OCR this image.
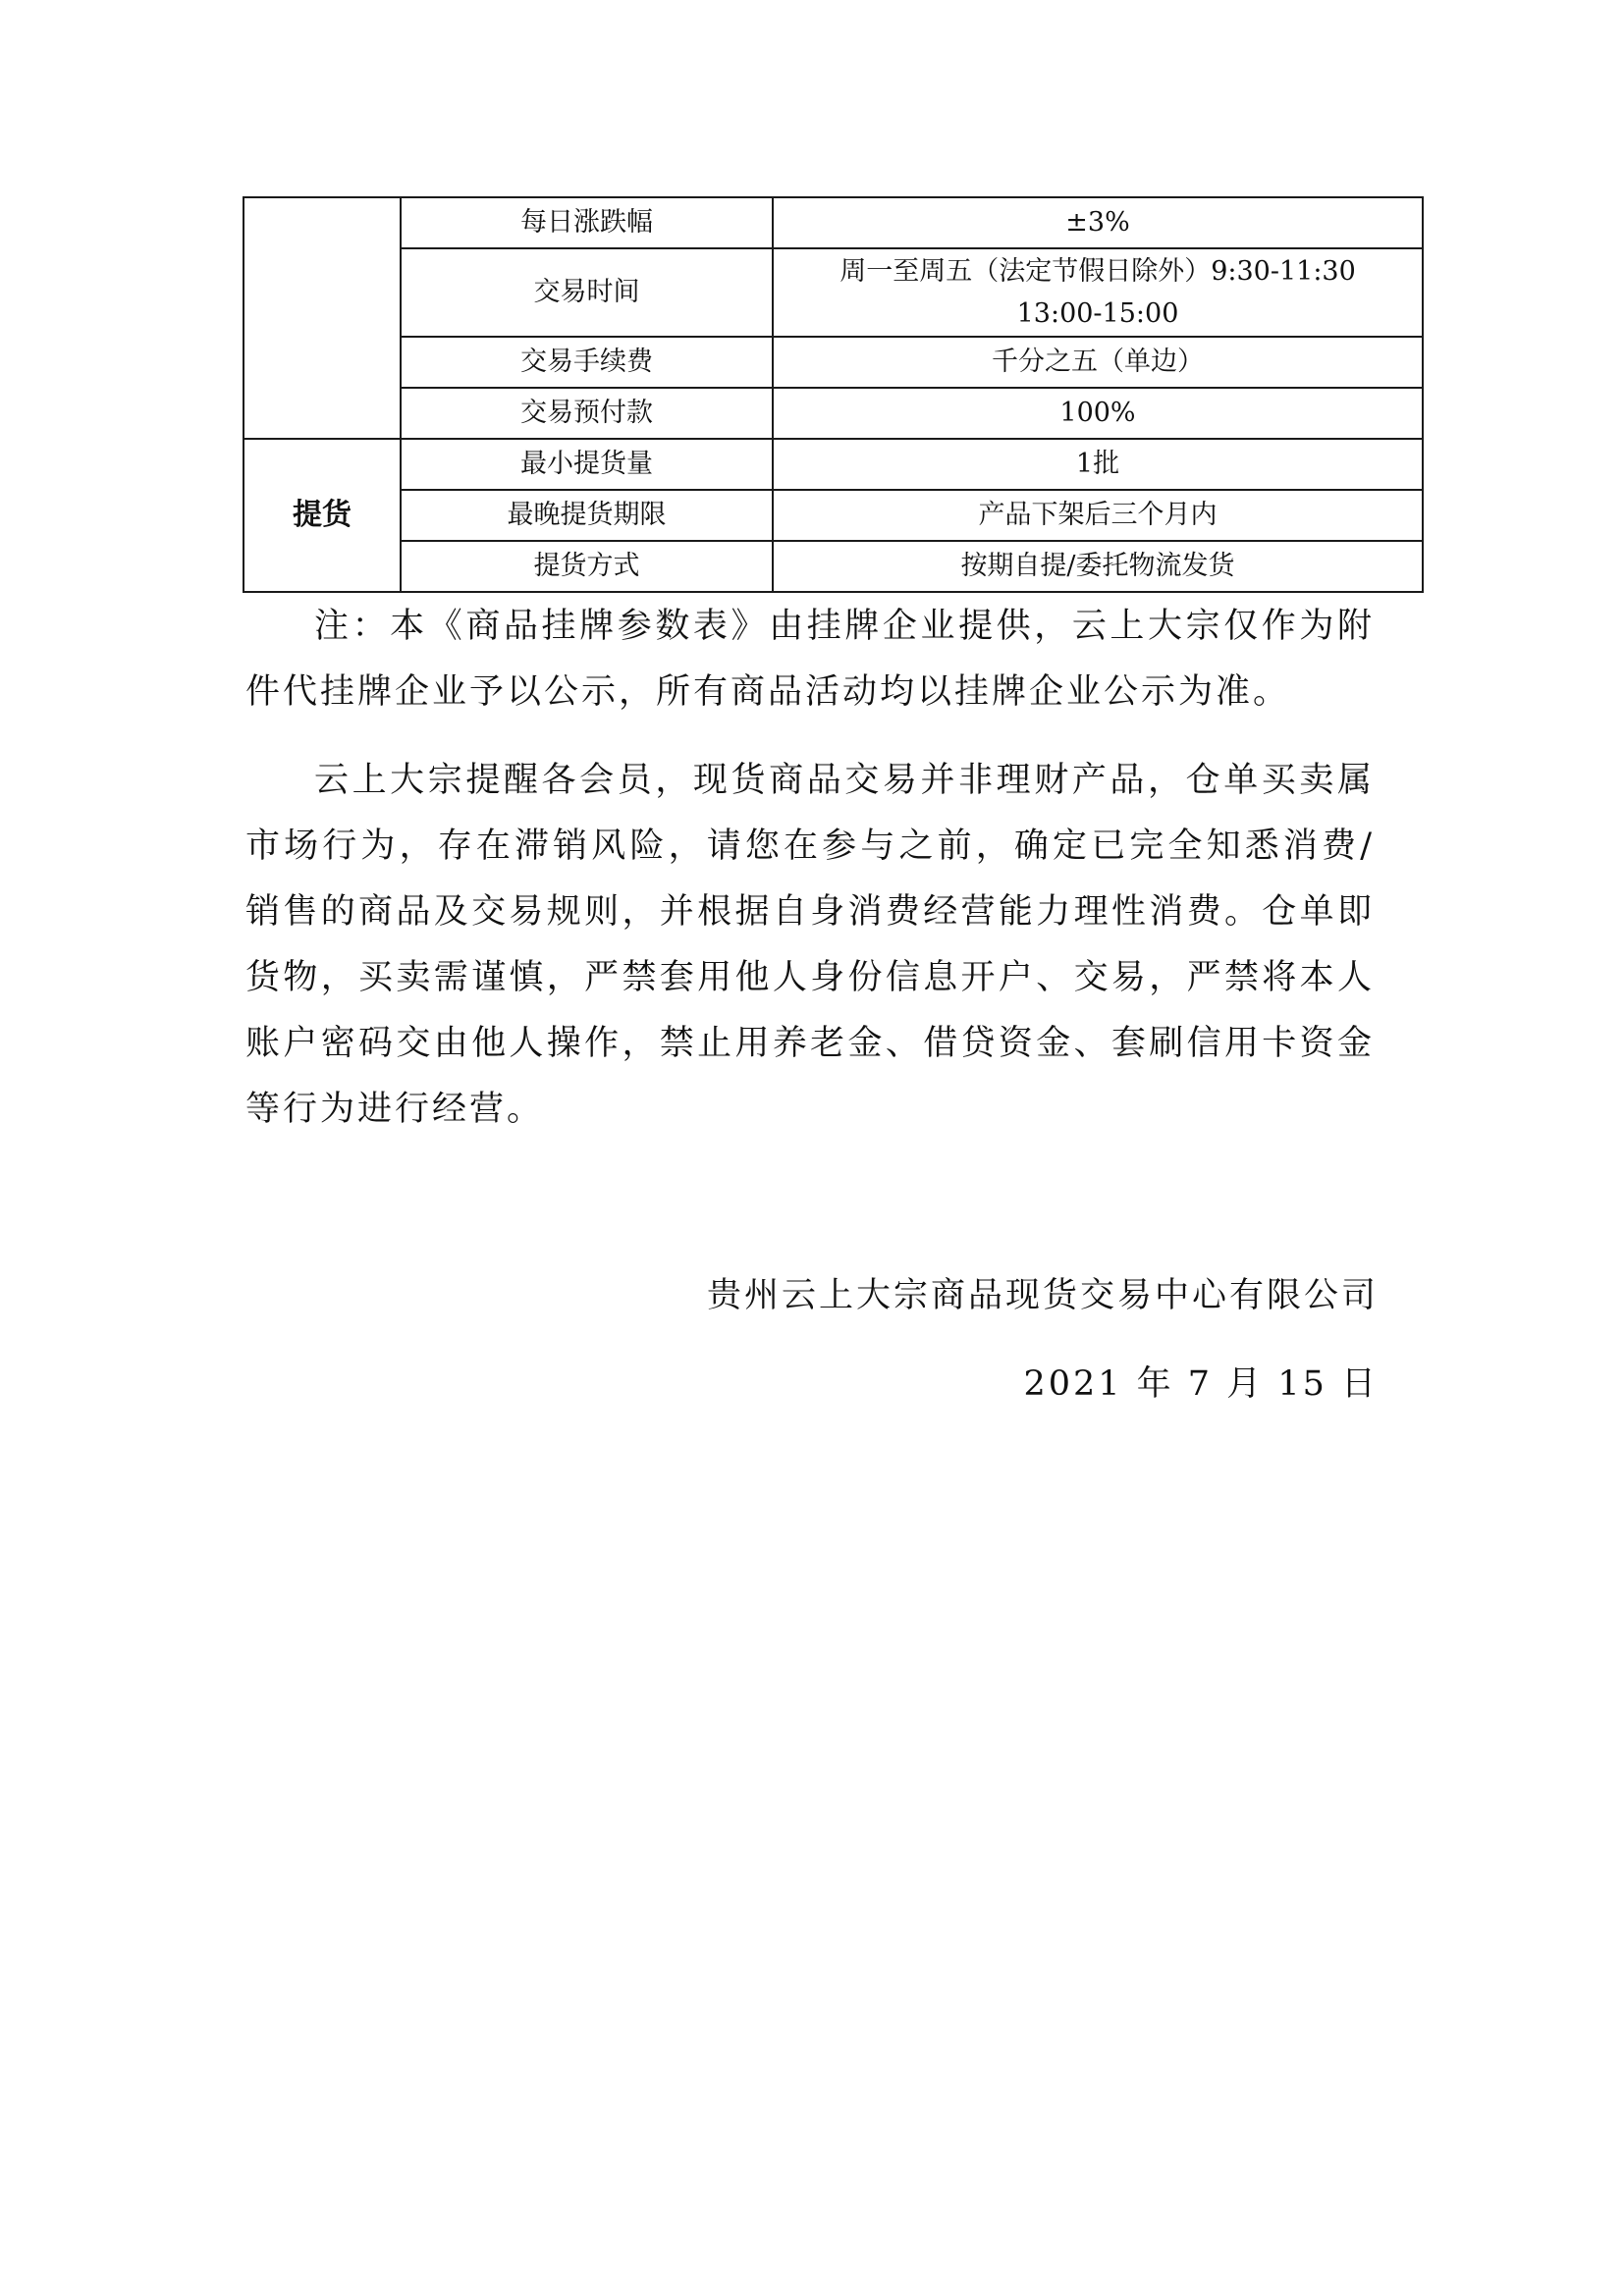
	每日涨跌幅	±3%

	交易时间	周一至周五（法定节假日除外）9:30-11:30
13:00-15:00

	交易手续费	千分之五（单边）

	交易预付款	100%

提货	最小提货量	1批
	最晚提货期限	产品下架后三个月内
	提货方式	按期自提/委托物流发货

注：本《商品挂牌参数表》由挂牌企业提供，云上大宗仅作为附件代挂牌企业予以公示，所有商品活动均以挂牌企业公示为准。

云上大宗提醒各会员，现货商品交易并非理财产品，仓单买卖属市场行为，存在滞销风险，请您在参与之前，确定已完全知悉消费/销售的商品及交易规则，并根据自身消费经营能力理性消费。仓单即货物，买卖需谨慎，严禁套用他人身份信息开户、交易，严禁将本人账户密码交由他人操作，禁止用养老金、借贷资金、套刷信用卡资金等行为进行经营。

贵州云上大宗商品现货交易中心有限公司
2021 年 7 月 15 日
